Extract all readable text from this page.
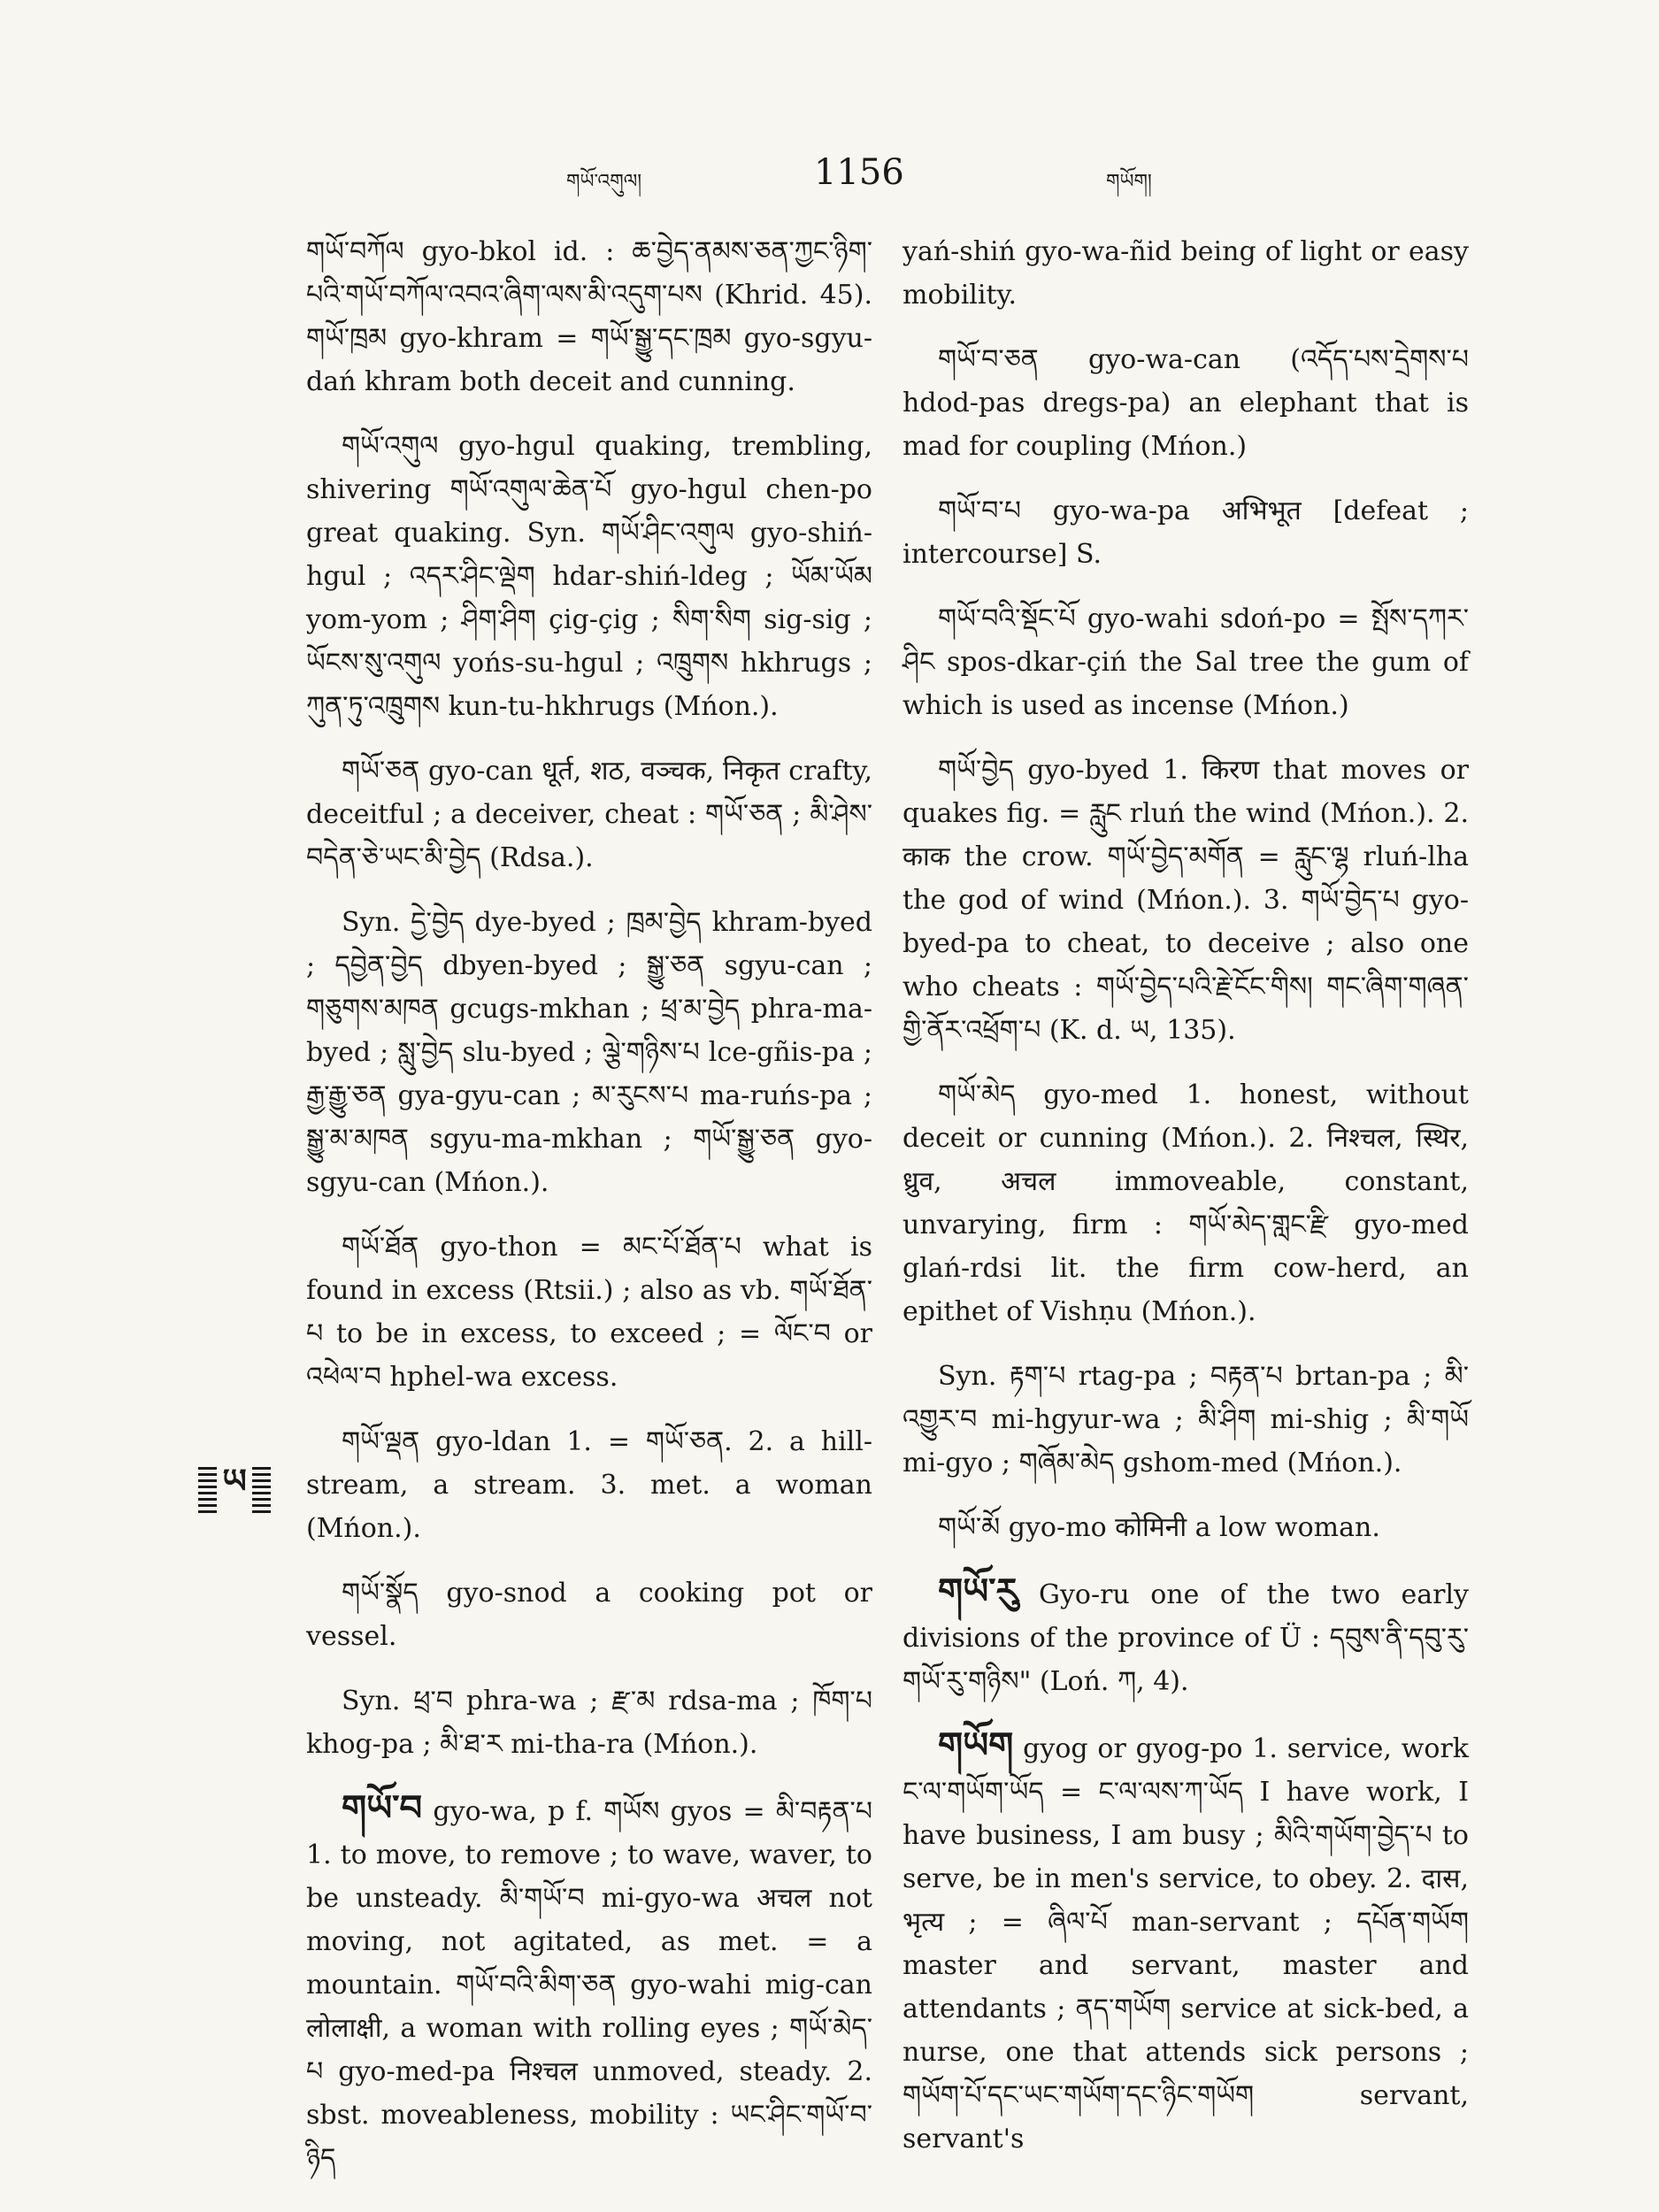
གཡོ་འགུལ།	1156	གཡོག།
ཡ

གཡོ་བཀོལ gyo-bkol id. : ཆ་བྱེད་ནམས་ཅན་ཀྱང་ཉིག་པའི་གཡོ་བཀོལ་འབའ་ཞིག་ལས་མི་འདུག་པས (Khrid. 45). གཡོ་ཁྲམ gyo-khram = གཡོ་སྒྱུ་དང་ཁྲམ gyo-sgyu-dań khram both deceit and cunning.

གཡོ་འགུལ gyo-hgul quaking, trembling, shivering གཡོ་འགུལ་ཆེན་པོ gyo-hgul chen-po great quaking. Syn. གཡོ་ཤིང་འགུལ gyo-shiń-hgul ; འདར་ཤིང་ལྡེག hdar-shiń-ldeg ; ཡོམ་ཡོམ yom-yom ; ཤིག་ཤིག çig-çig ; སིག་སིག sig-sig ; ཡོངས་སུ་འགུལ yońs-su-hgul ; འཁྲུགས hkhrugs ; ཀུན་ཏུ་འཁྲུགས kun-tu-hkhrugs (Mńon.).

གཡོ་ཅན gyo-can धूर्त, शठ, वञ्चक, निकृत crafty, deceitful ; a deceiver, cheat : གཡོ་ཅན ; མི་ཤེས་བདེན་ཅེ་ཡང་མི་བྱེད (Rdsa.).

Syn. དྱེ་བྱེད dye-byed ; ཁྲམ་བྱེད khram-byed ; དབྱེན་བྱེད dbyen-byed ; སྒྱུ་ཅན sgyu-can ; གཅུགས་མཁན gcugs-mkhan ; ཕྲ་མ་བྱེད phra-ma-byed ; སླུ་བྱེད slu-byed ; ལྕེ་གཉིས་པ lce-gñis-pa ; རྒྱ་རྒྱུ་ཅན gya-gyu-can ; མ་རུངས་པ ma-ruńs-pa ; སྒྱུ་མ་མཁན sgyu-ma-mkhan ; གཡོ་སྒྱུ་ཅན gyo-sgyu-can (Mńon.).

གཡོ་ཐོན gyo-thon = མང་པོ་ཐོན་པ what is found in excess (Rtsii.) ; also as vb. གཡོ་ཐོན་པ to be in excess, to exceed ; = ལོང་བ or འཕེལ་བ hphel-wa excess.

གཡོ་ལྡན gyo-ldan 1. = གཡོ་ཅན. 2. a hill-stream, a stream. 3. met. a woman (Mńon.).

གཡོ་སྣོད gyo-snod a cooking pot or vessel.

Syn. ཕྲ་བ phra-wa ; རྫ་མ rdsa-ma ; ཁོག་པ khog-pa ; མི་ཐ་ར mi-tha-ra (Mńon.).

གཡོ་བ gyo-wa, p f. གཡོས gyos = མི་བརྟན་པ 1. to move, to remove ; to wave, waver, to be unsteady. མི་གཡོ་བ mi-gyo-wa अचल not moving, not agitated, as met. = a mountain. གཡོ་བའི་མིག་ཅན gyo-wahi mig-can लोलाक्षी, a woman with rolling eyes ; གཡོ་མེད་པ gyo-med-pa निश्चल unmoved, steady. 2. sbst. moveableness, mobility : ཡང་ཤིང་གཡོ་བ་ཉིད

yań-shiń gyo-wa-ñid being of light or easy mobility.

གཡོ་བ་ཅན gyo-wa-can (འདོད་པས་དྲེགས་པ hdod-pas dregs-pa) an elephant that is mad for coupling (Mńon.)

གཡོ་བ་པ gyo-wa-pa अभिभूत [defeat ; intercourse] S.

གཡོ་བའི་སྡོང་པོ gyo-wahi sdoń-po = སྤོས་དཀར་ཤིང spos-dkar-çiń the Sal tree the gum of which is used as incense (Mńon.)

གཡོ་བྱེད gyo-byed 1. किरण that moves or quakes fig. = རླུང rluń the wind (Mńon.). 2. काक the crow. གཡོ་བྱེད་མགོན = རླུང་ལྷ rluń-lha the god of wind (Mńon.). 3. གཡོ་བྱེད་པ gyo-byed-pa to cheat, to deceive ; also one who cheats : གཡོ་བྱེད་པའི་རྗེ་ངོང་གིས། གང་ཞིག་གཞན་གྱི་ནོར་འཕྲོག་པ (K. d. ཡ, 135).

གཡོ་མེད gyo-med 1. honest, without deceit or cunning (Mńon.). 2. निश्चल, स्थिर, ध्रुव, अचल immoveable, constant, unvarying, firm : གཡོ་མེད་གླང་རྫི gyo-med glań-rdsi lit. the firm cow-herd, an epithet of Vishṇu (Mńon.).

Syn. རྟག་པ rtag-pa ; བརྟན་པ brtan-pa ; མི་འགྱུར་བ mi-hgyur-wa ; མི་ཤིག mi-shig ; མི་གཡོ mi-gyo ; གཞོམ་མེད gshom-med (Mńon.).

གཡོ་མོ gyo-mo कोमिनी a low woman.

གཡོ་རུ Gyo-ru one of the two early divisions of the province of Ü : དབུས་ནི་དབུ་རུ་གཡོ་རུ་གཉིས" (Loń. ཀ, 4).

གཡོག gyog or gyog-po 1. service, work ང་ལ་གཡོག་ཡོད = ང་ལ་ལས་ཀ་ཡོད I have work, I have business, I am busy ; མིའི་གཡོག་བྱེད་པ to serve, be in men's service, to obey. 2. दास, भृत्य ; = ཞིལ་པོ man-servant ; དཔོན་གཡོག master and servant, master and attendants ; ནད་གཡོག service at sick-bed, a nurse, one that attends sick persons ; གཡོག་པོ་དང་ཡང་གཡོག་དང་ཉིང་གཡོག servant, servant's
